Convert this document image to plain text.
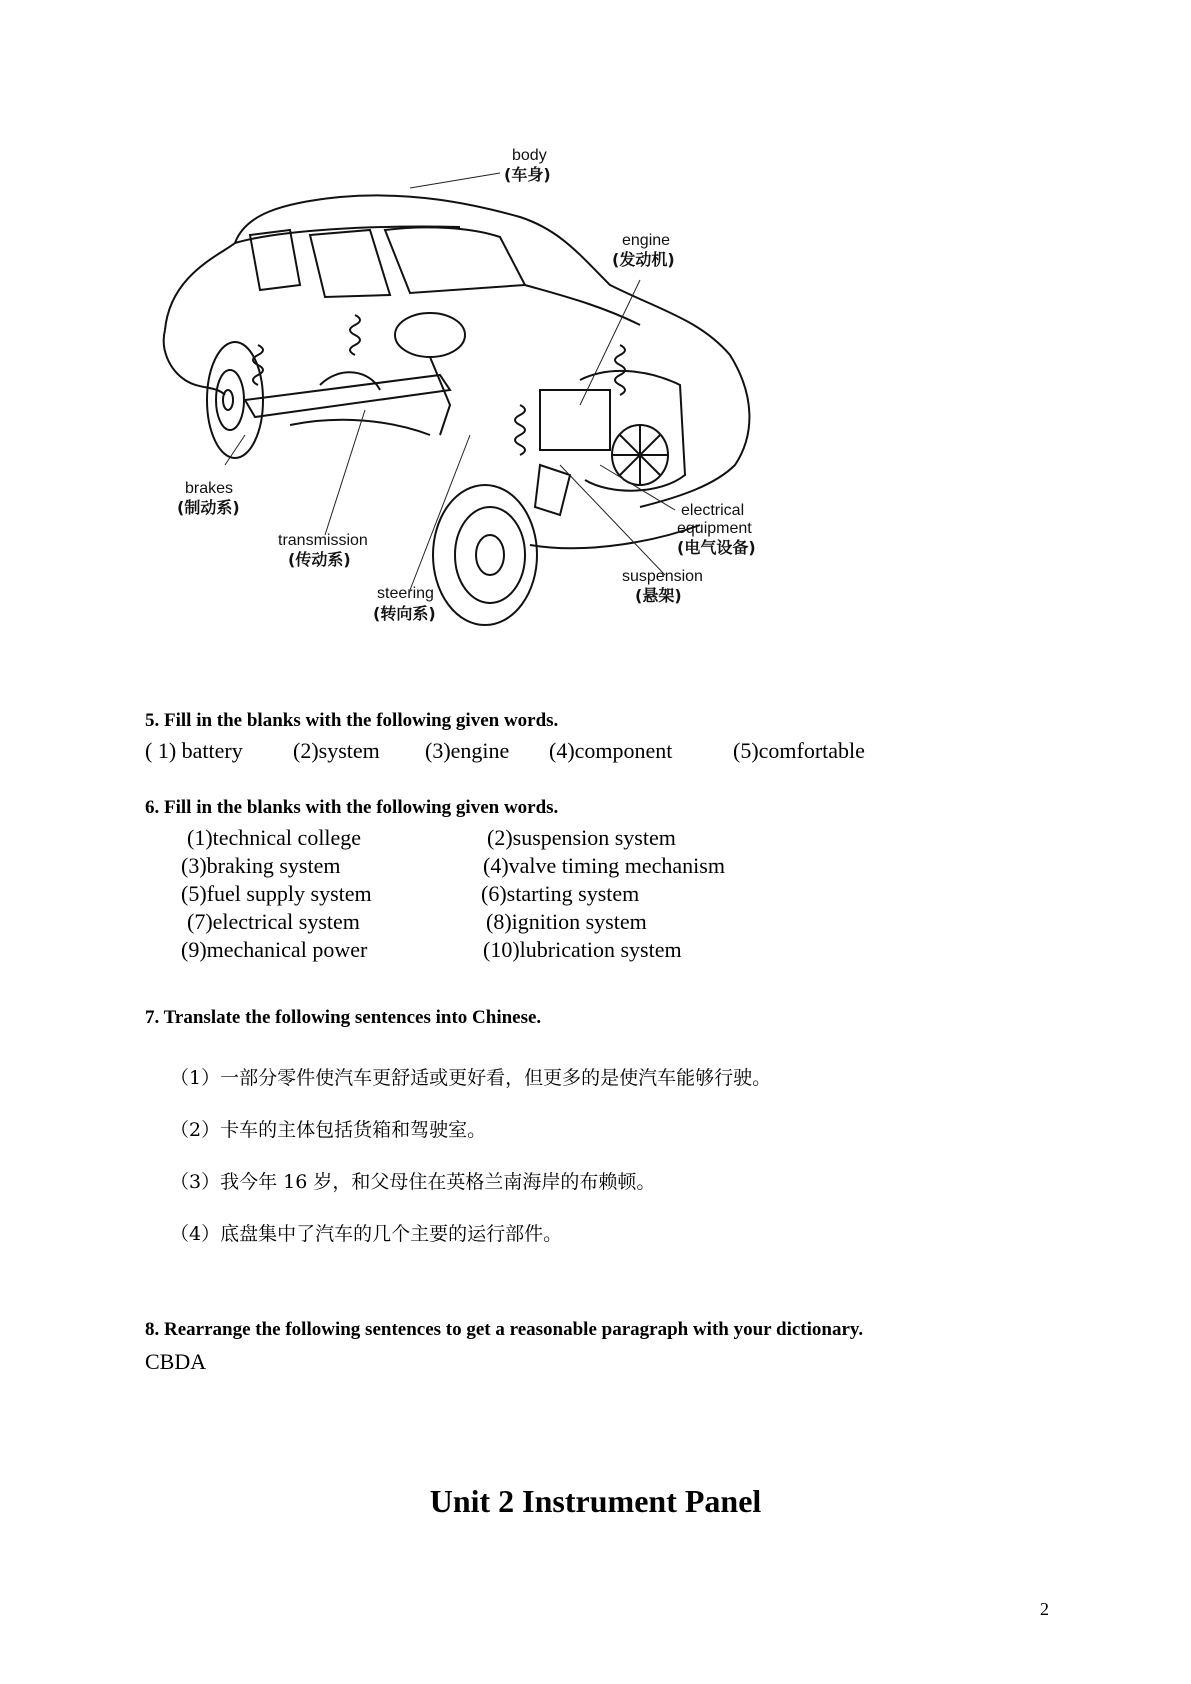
body
(车身)
engine
(发动机)
brakes
(制动系)
transmission
(传动系)
steering
(转向系)
electrical
equipment
(电气设备)
suspension
(悬架)
5. Fill in the blanks with the following given words.
( 1) battery (2)system (3)engine (4)component	(5)comfortable
6. Fill in the blanks with the following given words.
(1)technical college
(3)braking system
(5)fuel supply system
(7)electrical system
(9)mechanical power
(2)suspension system
(4)valve timing mechanism
(6)starting system
(8)ignition system
(10)lubrication system
7. Translate the following sentences into Chinese.
（1）一部分零件使汽车更舒适或更好看，但更多的是使汽车能够行驶。
（2）卡车的主体包括货箱和驾驶室。
（3）我今年 16 岁，和父母住在英格兰南海岸的布赖顿。
（4）底盘集中了汽车的几个主要的运行部件。
8. Rearrange the following sentences to get a reasonable paragraph with your dictionary.
CBDA
Unit 2 Instrument Panel
2
